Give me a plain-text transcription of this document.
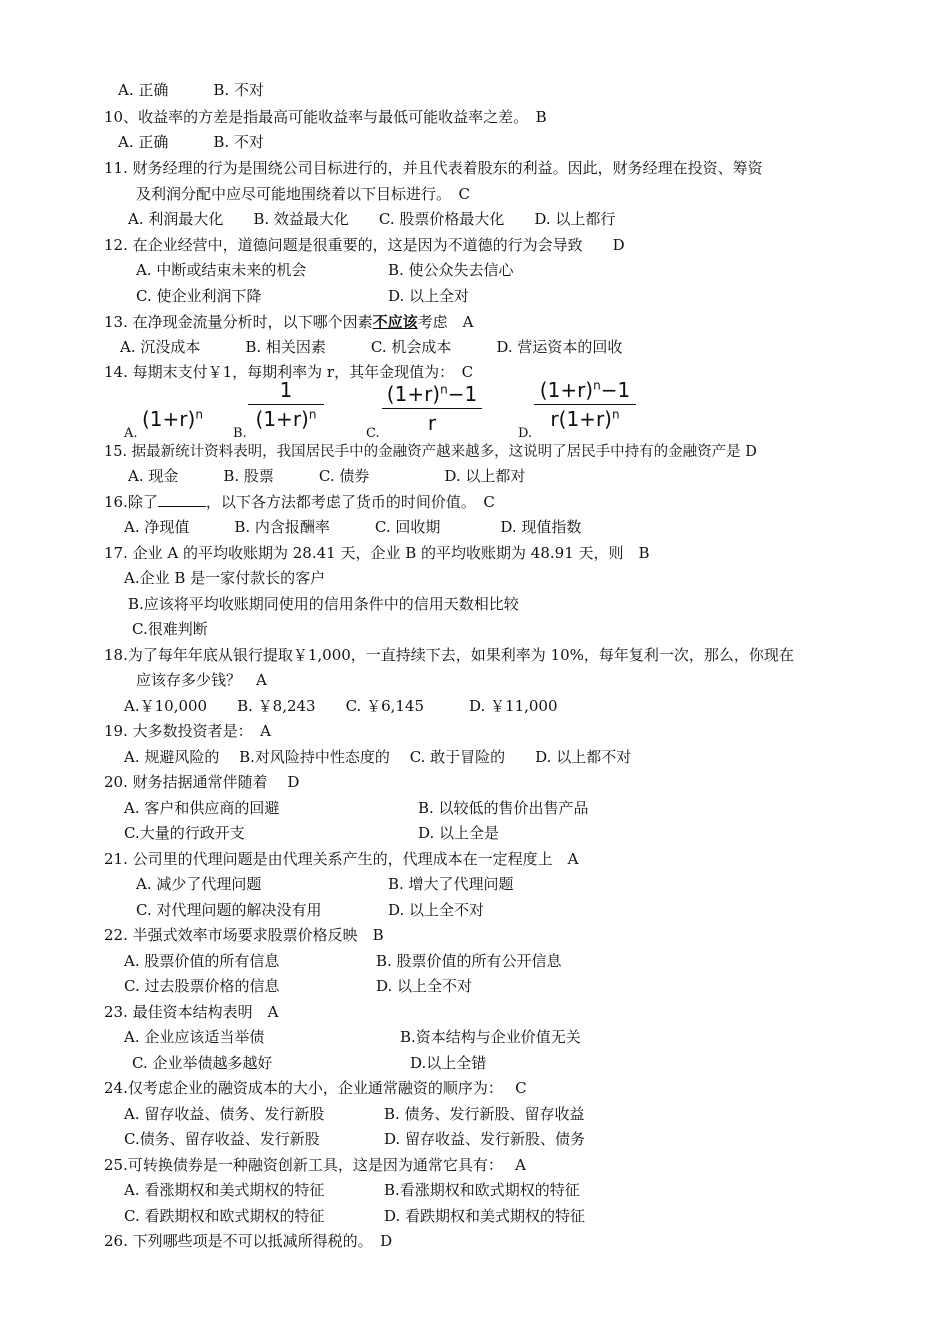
A. 正确　　　B. 不对
10、收益率的方差是指最高可能收益率与最低可能收益率之差。　B
A. 正确　　　B. 不对
11. 财务经理的行为是围绕公司目标进行的，并且代表着股东的利益。因此，财务经理在投资、筹资
及利润分配中应尽可能地围绕着以下目标进行。　C
A. 利润最大化　　B. 效益最大化　　C. 股票价格最大化　　D. 以上都行
12. 在企业经营中，道德问题是很重要的，这是因为不道德的行为会导致　　D
A. 中断或结束未来的机会	B. 使公众失去信心
C. 使企业利润下降	D. 以上全对
13. 在净现金流量分析时，以下哪个因素不应该考虑　A
A. 沉没成本　　　B. 相关因素　　　C. 机会成本　　　D. 营运资本的回收
14. 每期末支付￥1，每期利率为 r，其年金现值为：　C
A.
$(1+r)^n$
B.
1
$(1+r)^n$
C.
$(1+r)^n-1$
r	D.
$(1+r)^n-1$
$r(1+r)^n$
15. 据最新统计资料表明，我国居民手中的金融资产越来越多，这说明了居民手中持有的金融资产是 D
A. 现金　　　B. 股票　　　C. 债券　　　　　D. 以上都对
16.除了	，以下各方法都考虑了货币的时间价值。　C
A. 净现值　　　B. 内含报酬率　　　C. 回收期　　　　D. 现值指数
17. 企业 A 的平均收账期为 28.41 天，企业 B 的平均收账期为 48.91 天，则　B
A.企业 B 是一家付款长的客户
B.应该将平均收账期同使用的信用条件中的信用天数相比较
C.很难判断
18.为了每年年底从银行提取￥1,000，一直持续下去，如果利率为 10%，每年复利一次，那么，你现在
应该存多少钱？　A
A.￥10,000　　B. ￥8,243　　C. ￥6,145　　　D. ￥11,000
19. 大多数投资者是：　A
A. 规避风险的　 B.对风险持中性态度的　 C. 敢于冒险的　　D. 以上都不对
20. 财务拮据通常伴随着　 D
A. 客户和供应商的回避	B. 以较低的售价出售产品
C.大量的行政开支	D. 以上全是
21. 公司里的代理问题是由代理关系产生的，代理成本在一定程度上　A
A. 减少了代理问题	B. 增大了代理问题
C. 对代理问题的解决没有用	D. 以上全不对
22. 半强式效率市场要求股票价格反映　B
A. 股票价值的所有信息	B. 股票价值的所有公开信息
C. 过去股票价格的信息	D. 以上全不对
23. 最佳资本结构表明　A
A. 企业应该适当举债	B.资本结构与企业价值无关
C. 企业举债越多越好	D.以上全错
24.仅考虑企业的融资成本的大小，企业通常融资的顺序为：　 C
A. 留存收益、债务、发行新股	B. 债务、发行新股、留存收益
C.债务、留存收益、发行新股	D. 留存收益、发行新股、债务
25.可转换债券是一种融资创新工具，这是因为通常它具有：　 A
A. 看涨期权和美式期权的特征	B.看涨期权和欧式期权的特征
C. 看跌期权和欧式期权的特征	D. 看跌期权和美式期权的特征
26. 下列哪些项是不可以抵减所得税的。　D
